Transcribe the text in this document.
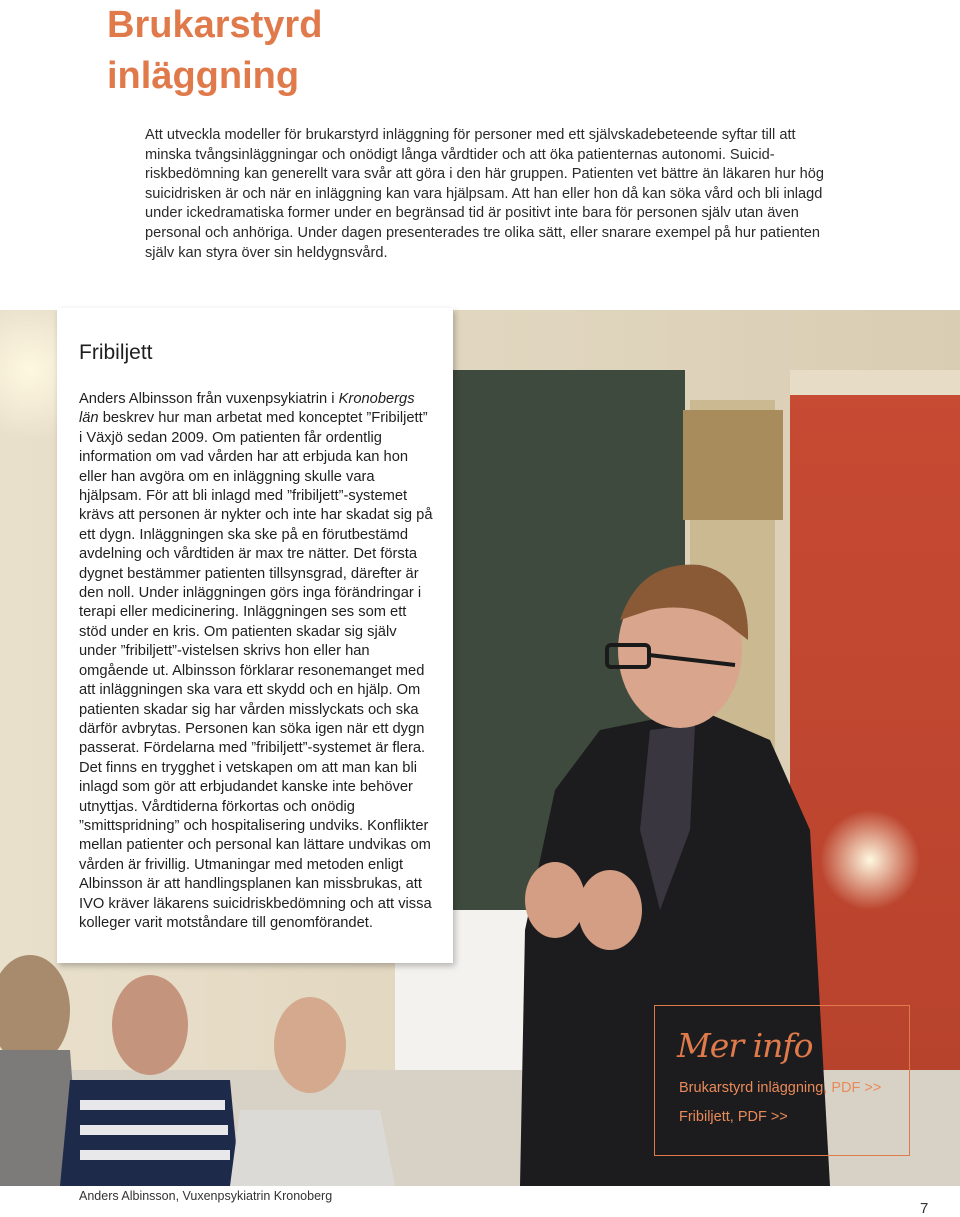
Brukarstyrd
inläggning

Att utveckla modeller för brukarstyrd inläggning för personer med ett självskadebeteende syftar till att minska tvångsinläggningar och onödigt långa vårdtider och att öka patienternas autonomi. Suicidriskbedömning kan generellt vara svår att göra i den här gruppen. Patienten vet bättre än läkaren hur hög suicidrisken är och när en inläggning kan vara hjälpsam. Att han eller hon då kan söka vård och bli inlagd under ickedramatiska former under en begränsad tid är positivt inte bara för personen själv utan även personal och anhöriga. Under dagen presenterades tre olika sätt, eller snarare exempel på hur patienten själv kan styra över sin heldygnsvård.

Fribiljett

Anders Albinsson från vuxenpsykiatrin i Kronobergs län beskrev hur man arbetat med konceptet ”Fribiljett” i Växjö sedan 2009. Om patienten får ordentlig information om vad vården har att erbjuda kan hon eller han avgöra om en inläggning skulle vara hjälpsam. För att bli inlagd med ”fribiljett”-systemet krävs att personen är nykter och inte har skadat sig på ett dygn. Inläggningen ska ske på en förutbestämd avdelning och vårdtiden är max tre nätter. Det första dygnet bestämmer patienten tillsynsgrad, därefter är den noll. Under inläggningen görs inga förändringar i terapi eller medicinering. Inläggningen ses som ett stöd under en kris. Om patienten skadar sig själv under ”fribiljett”-vistelsen skrivs hon eller han omgående ut. Albinsson förklarar resonemanget med att inläggningen ska vara ett skydd och en hjälp. Om patienten skadar sig har vården misslyckats och ska därför avbrytas. Personen kan söka igen när ett dygn passerat. Fördelarna med ”fribiljett”-systemet är flera. Det finns en trygghet i vetskapen om att man kan bli inlagd som gör att erbjudandet kanske inte behöver utnyttjas. Vårdtiderna förkortas och onödig ”smittspridning” och hospitalisering undviks. Konflikter mellan patienter och personal kan lättare undvikas om vården är frivillig. Utmaningar med metoden enligt Albinsson är att handlingsplanen kan missbrukas, att IVO kräver läkarens suicidriskbedömning och att vissa kolleger varit motståndare till genomförandet.

Mer info
Brukarstyrd inläggning, PDF >>
Fribiljett, PDF >>
Anders Albinsson, Vuxenpsykiatrin Kronoberg
7
